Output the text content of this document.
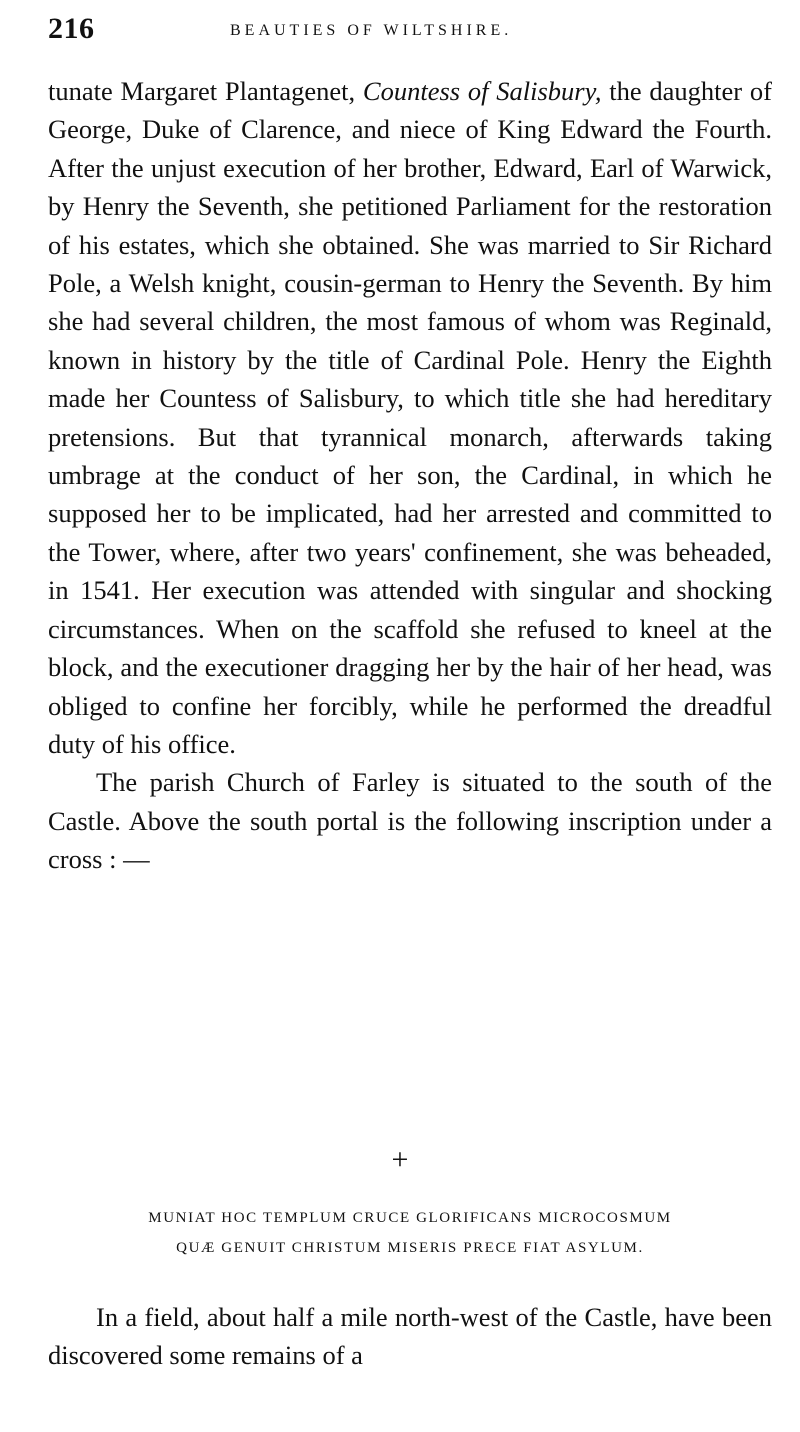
216	BEAUTIES OF WILTSHIRE.

tunate Margaret Plantagenet, Countess of Salisbury, the daughter of George, Duke of Clarence, and niece of King Edward the Fourth. After the unjust execution of her brother, Edward, Earl of Warwick, by Henry the Seventh, she petitioned Parliament for the restoration of his estates, which she obtained. She was married to Sir Richard Pole, a Welsh knight, cousin-german to Henry the Seventh. By him she had several children, the most famous of whom was Reginald, known in history by the title of Cardinal Pole. Henry the Eighth made her Countess of Salisbury, to which title she had hereditary pretensions. But that tyrannical monarch, afterwards taking umbrage at the conduct of her son, the Cardinal, in which he supposed her to be implicated, had her arrested and committed to the Tower, where, after two years' confinement, she was beheaded, in 1541. Her execution was attended with singular and shocking circumstances. When on the scaffold she refused to kneel at the block, and the executioner dragging her by the hair of her head, was obliged to confine her forcibly, while he performed the dreadful duty of his office.

The parish Church of Farley is situated to the south of the Castle. Above the south portal is the following inscription under a cross : —

+
MUNIAT HOC TEMPLUM CRUCE GLORIFICANS MICROCOSMUM
QUÆ GENUIT CHRISTUM MISERIS PRECE FIAT ASYLUM.

In a field, about half a mile north-west of the Castle, have been discovered some remains of a
